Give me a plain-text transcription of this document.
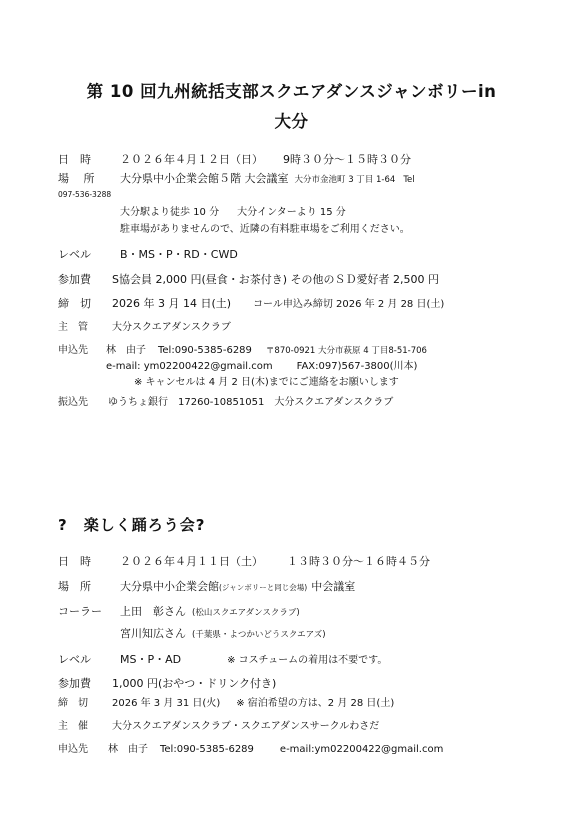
第 10 回九州統括支部スクエアダンスジャンボリーin
大分
日　時	２０２６年４月１２日（日） 9時３０分～１５時３０分
場　 所 大分県中小企業会館５階 大会議室 大分市金池町 3 丁目 1-64 Tel
097-536-3288
大分駅より徒歩 10 分 大分インターより 15 分
駐車場がありませんので、近隣の有料駐車場をご利用ください。
レベル	B・MS・P・RD・CWD
参加費 S協会員 2,000 円(昼食・お茶付き) その他のＳＤ愛好者 2,500 円
締　切 2026 年 3 月 14 日(土) コール申込み締切 2026 年 2 月 28 日(土)
主　管 大分スクエアダンスクラブ
申込先 林　由子 Tel:090-5385-6289 〒870-0921 大分市萩原 4 丁目8-51-706
e-mail: ym02200422@gmail.com FAX:097)567-3800(川本)
※ キャンセルは 4 月 2 日(木)までにご連絡をお願いします
振込先 ゆうちょ銀行　17260-10851051　大分スクエアダンスクラブ
?　楽しく踊ろう会?
日　時	２０２６年４月１１日（土） １３時３０分～１６時４５分
場　所	大分県中小企業会館(ジャンボリーと同じ会場) 中会議室
コーラー 上田　彰さん (松山スクエアダンスクラブ)
宮川知広さん (千葉県・よつかいどうスクエアズ)
レベル	MS・P・AD	※ コスチュームの着用は不要です。
参加費 1,000 円(おやつ・ドリンク付き)
締　切 2026 年 3 月 31 日(火) ※ 宿泊希望の方は、2 月 28 日(土)
主　催 大分スクエアダンスクラブ・スクエアダンスサークルわさだ
申込先 林　由子 Tel:090-5385-6289	e-mail:ym02200422@gmail.com
